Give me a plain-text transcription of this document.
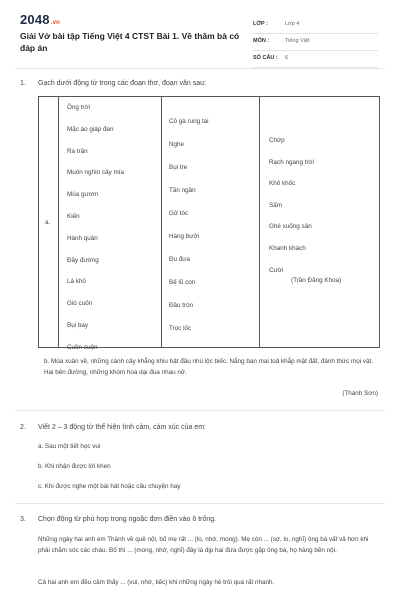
2048.vn
Giải Vở bài tập Tiếng Việt 4 CTST Bài 1. Về thăm bà có đáp án
LỚP :	Lớp 4
MÔN :	Tiếng Việt
SỐ CÂU : 6
1. Gạch dưới động từ trong các đoạn thơ, đoạn văn sau:
a.
Ông trời
Mặc áo giáp đen
Ra trận
Muôn nghìn cây mía
Múa gươm
Kiến
Hành quân
Đầy đường
Lá khô
Gió cuốn
Bụi bay
Cuồn cuộn
Cỏ gà rung tai
Nghe
Bụi tre
Tần ngần
Gỡ tóc
Hàng bưởi
Đu đưa
Bế lũ con
Đầu tròn
Trọc lốc
Chớp
Rạch ngang trời
Khô khốc
Sấm
Ghé xuống sân
Khanh khách
Cười
(Trần Đăng Khoa)
b. Mùa xuân về, những cành cây khẳng khiu bật đầu nhú lộc biếc. Nắng ban mai toả khắp mặt đất, đánh thức mọi vật. Hai bên đường, những khóm hoa dại đua nhau nở.
(Thanh Sơn)
2. Viết 2 – 3 động từ thể hiện tình cảm, cảm xúc của em:
a. Sau một tiết học vui
b. Khi nhận được lời khen
c. Khi được nghe một bài hát hoặc câu chuyện hay
3. Chọn động từ phù hợp trong ngoặc đơn điền vào ô trống.
Những ngày hai anh em Thành về quê nội, bố mẹ rất ... (lo, nhớ, mong). Mẹ còn ... (sợ, lo, nghĩ) ông bà vất vả hơn khi phải chăm sóc các cháu. Bố thì ... (mong, nhớ, nghĩ) đây là dịp hai đứa được gặp ông bà, họ hàng bên nội.
Cả hai anh em đều cảm thấy ... (vui, nhớ, tiếc) khi những ngày hè trôi qua rất nhanh.
